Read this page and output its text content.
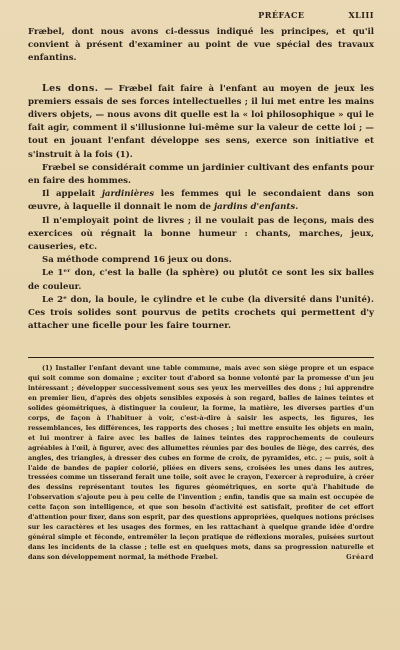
PRÉFACE	XLIII

Fræbel, dont nous avons ci-dessus indiqué les principes, et qu'il convient à présent d'examiner au point de vue spécial des travaux enfantins.

Les dons. — Fræbel fait faire à l'enfant au moyen de jeux les premiers essais de ses forces intellectuelles ; il lui met entre les mains divers objets, — nous avons dit quelle est la « loi philosophique » qui le fait agir, comment il s'illusionne lui-même sur la valeur de cette loi ; — tout en jouant l'enfant développe ses sens, exerce son initiative et s'instruit à la fois (1).

Fræbel se considérait comme un jardinier cultivant des enfants pour en faire des hommes.

Il appelait jardinières les femmes qui le secondaient dans son œuvre, à laquelle il donnait le nom de jardins d'enfants.

Il n'employait point de livres ; il ne voulait pas de leçons, mais des exercices où régnait la bonne humeur : chants, marches, jeux, causeries, etc.

Sa méthode comprend 16 jeux ou dons.

Le 1ᵉʳ don, c'est la balle (la sphère) ou plutôt ce sont les six balles de couleur.

Le 2ᵉ don, la boule, le cylindre et le cube (la diversité dans l'unité). Ces trois solides sont pourvus de petits crochets qui permettent d'y attacher une ficelle pour les faire tourner.

(1) Installer l'enfant devant une table commune, mais avec son siège propre et un espace qui soit comme son domaine ; exciter tout d'abord sa bonne volonté par la promesse d'un jeu intéressant ; développer successivement sous ses yeux les merveilles des dons ; lui apprendre en premier lieu, d'après des objets sensibles exposés à son regard, balles de laines teintes et solides géométriques, à distinguer la couleur, la forme, la matière, les diverses parties d'un corps, de façon à l'habituer à voir, c'est-à-dire à saisir les aspects, les figures, les ressemblances, les différences, les rapports des choses ; lui mettre ensuite les objets en main, et lui montrer à faire avec les balles de laines teintes des rapprochements de couleurs agréables à l'œil, à figurer, avec des allumettes réunies par des boules de liège, des carrés, des angles, des triangles, à dresser des cubes en forme de croix, de pyramides, etc. ; — puis, soit à l'aide de bandes de papier colorié, pliées en divers sens, croisées les unes dans les autres, tressées comme un tisserand ferait une toile, soit avec le crayon, l'exercer à reproduire, à créer des dessins représentant toutes les figures géométriques, en sorte qu'à l'habitude de l'observation s'ajoute peu à peu celle de l'invention ; enfin, tandis que sa main est occupée de cette façon son intelligence, et que son besoin d'activité est satisfait, profiter de cet effort d'attention pour fixer, dans son esprit, par des questions appropriées, quelques notions précises sur les caractères et les usages des formes, en les rattachant à quelque grande idée d'ordre général simple et féconde, entremêler la leçon pratique de réflexions morales, puisées surtout dans les incidents de la classe ; telle est en quelques mots, dans sa progression naturelle et dans son développement normal, la méthode Fræbel.	Gréard
